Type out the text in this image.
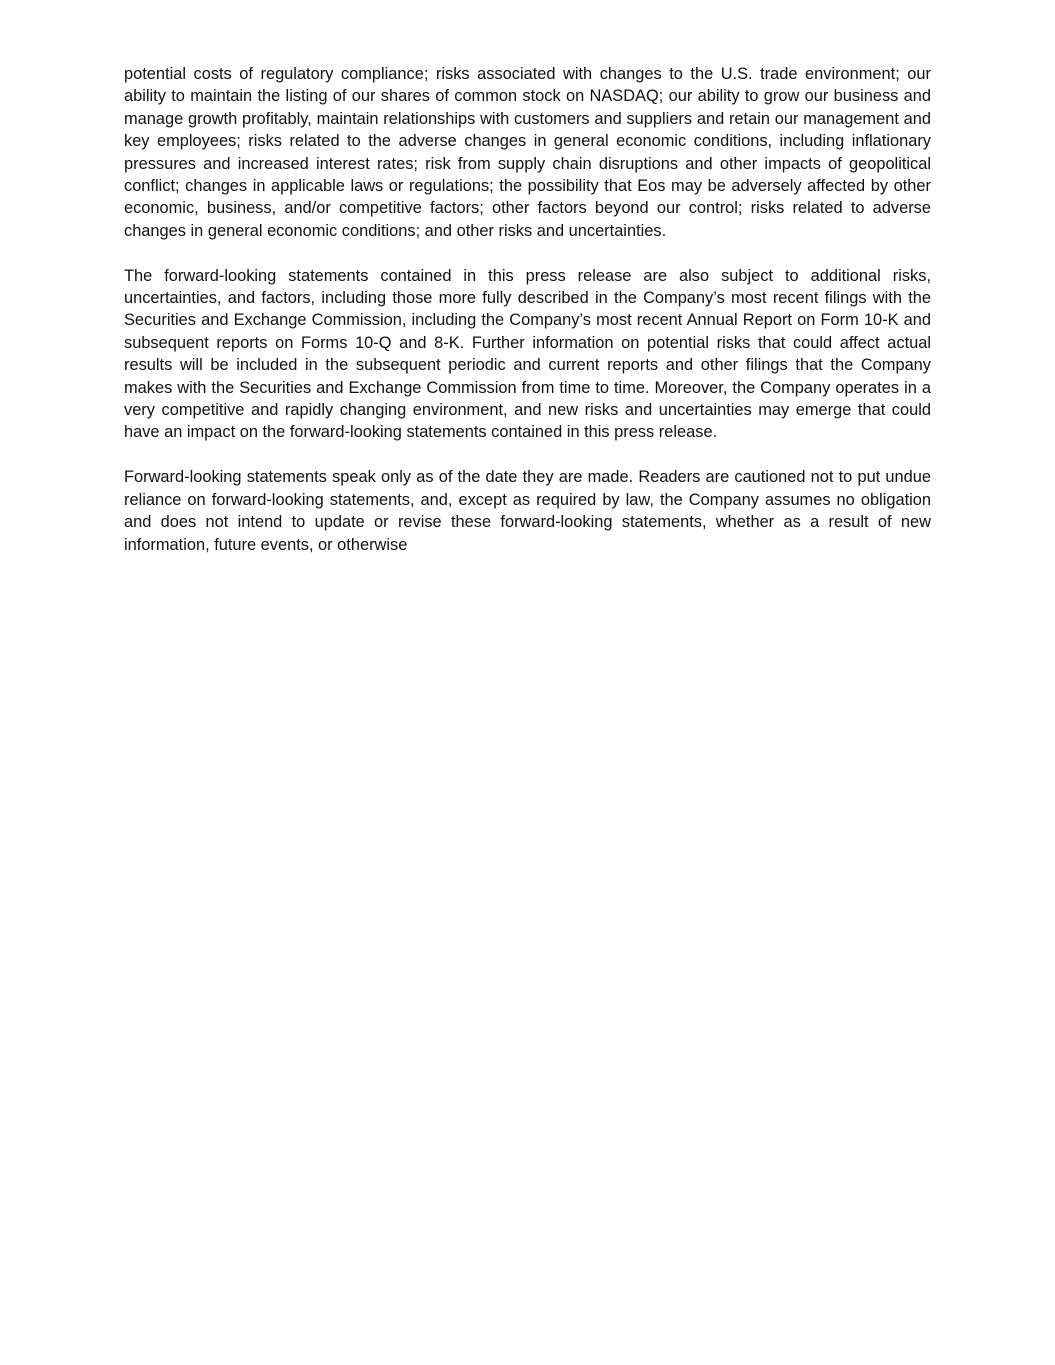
potential costs of regulatory compliance; risks associated with changes to the U.S. trade environment; our ability to maintain the listing of our shares of common stock on NASDAQ; our ability to grow our business and manage growth profitably, maintain relationships with customers and suppliers and retain our management and key employees; risks related to the adverse changes in general economic conditions, including inflationary pressures and increased interest rates; risk from supply chain disruptions and other impacts of geopolitical conflict; changes in applicable laws or regulations; the possibility that Eos may be adversely affected by other economic, business, and/or competitive factors; other factors beyond our control; risks related to adverse changes in general economic conditions; and other risks and uncertainties.

The forward-looking statements contained in this press release are also subject to additional risks, uncertainties, and factors, including those more fully described in the Company’s most recent filings with the Securities and Exchange Commission, including the Company’s most recent Annual Report on Form 10-K and subsequent reports on Forms 10-Q and 8-K. Further information on potential risks that could affect actual results will be included in the subsequent periodic and current reports and other filings that the Company makes with the Securities and Exchange Commission from time to time. Moreover, the Company operates in a very competitive and rapidly changing environment, and new risks and uncertainties may emerge that could have an impact on the forward-looking statements contained in this press release.

Forward-looking statements speak only as of the date they are made. Readers are cautioned not to put undue reliance on forward-looking statements, and, except as required by law, the Company assumes no obligation and does not intend to update or revise these forward-looking statements, whether as a result of new information, future events, or otherwise
